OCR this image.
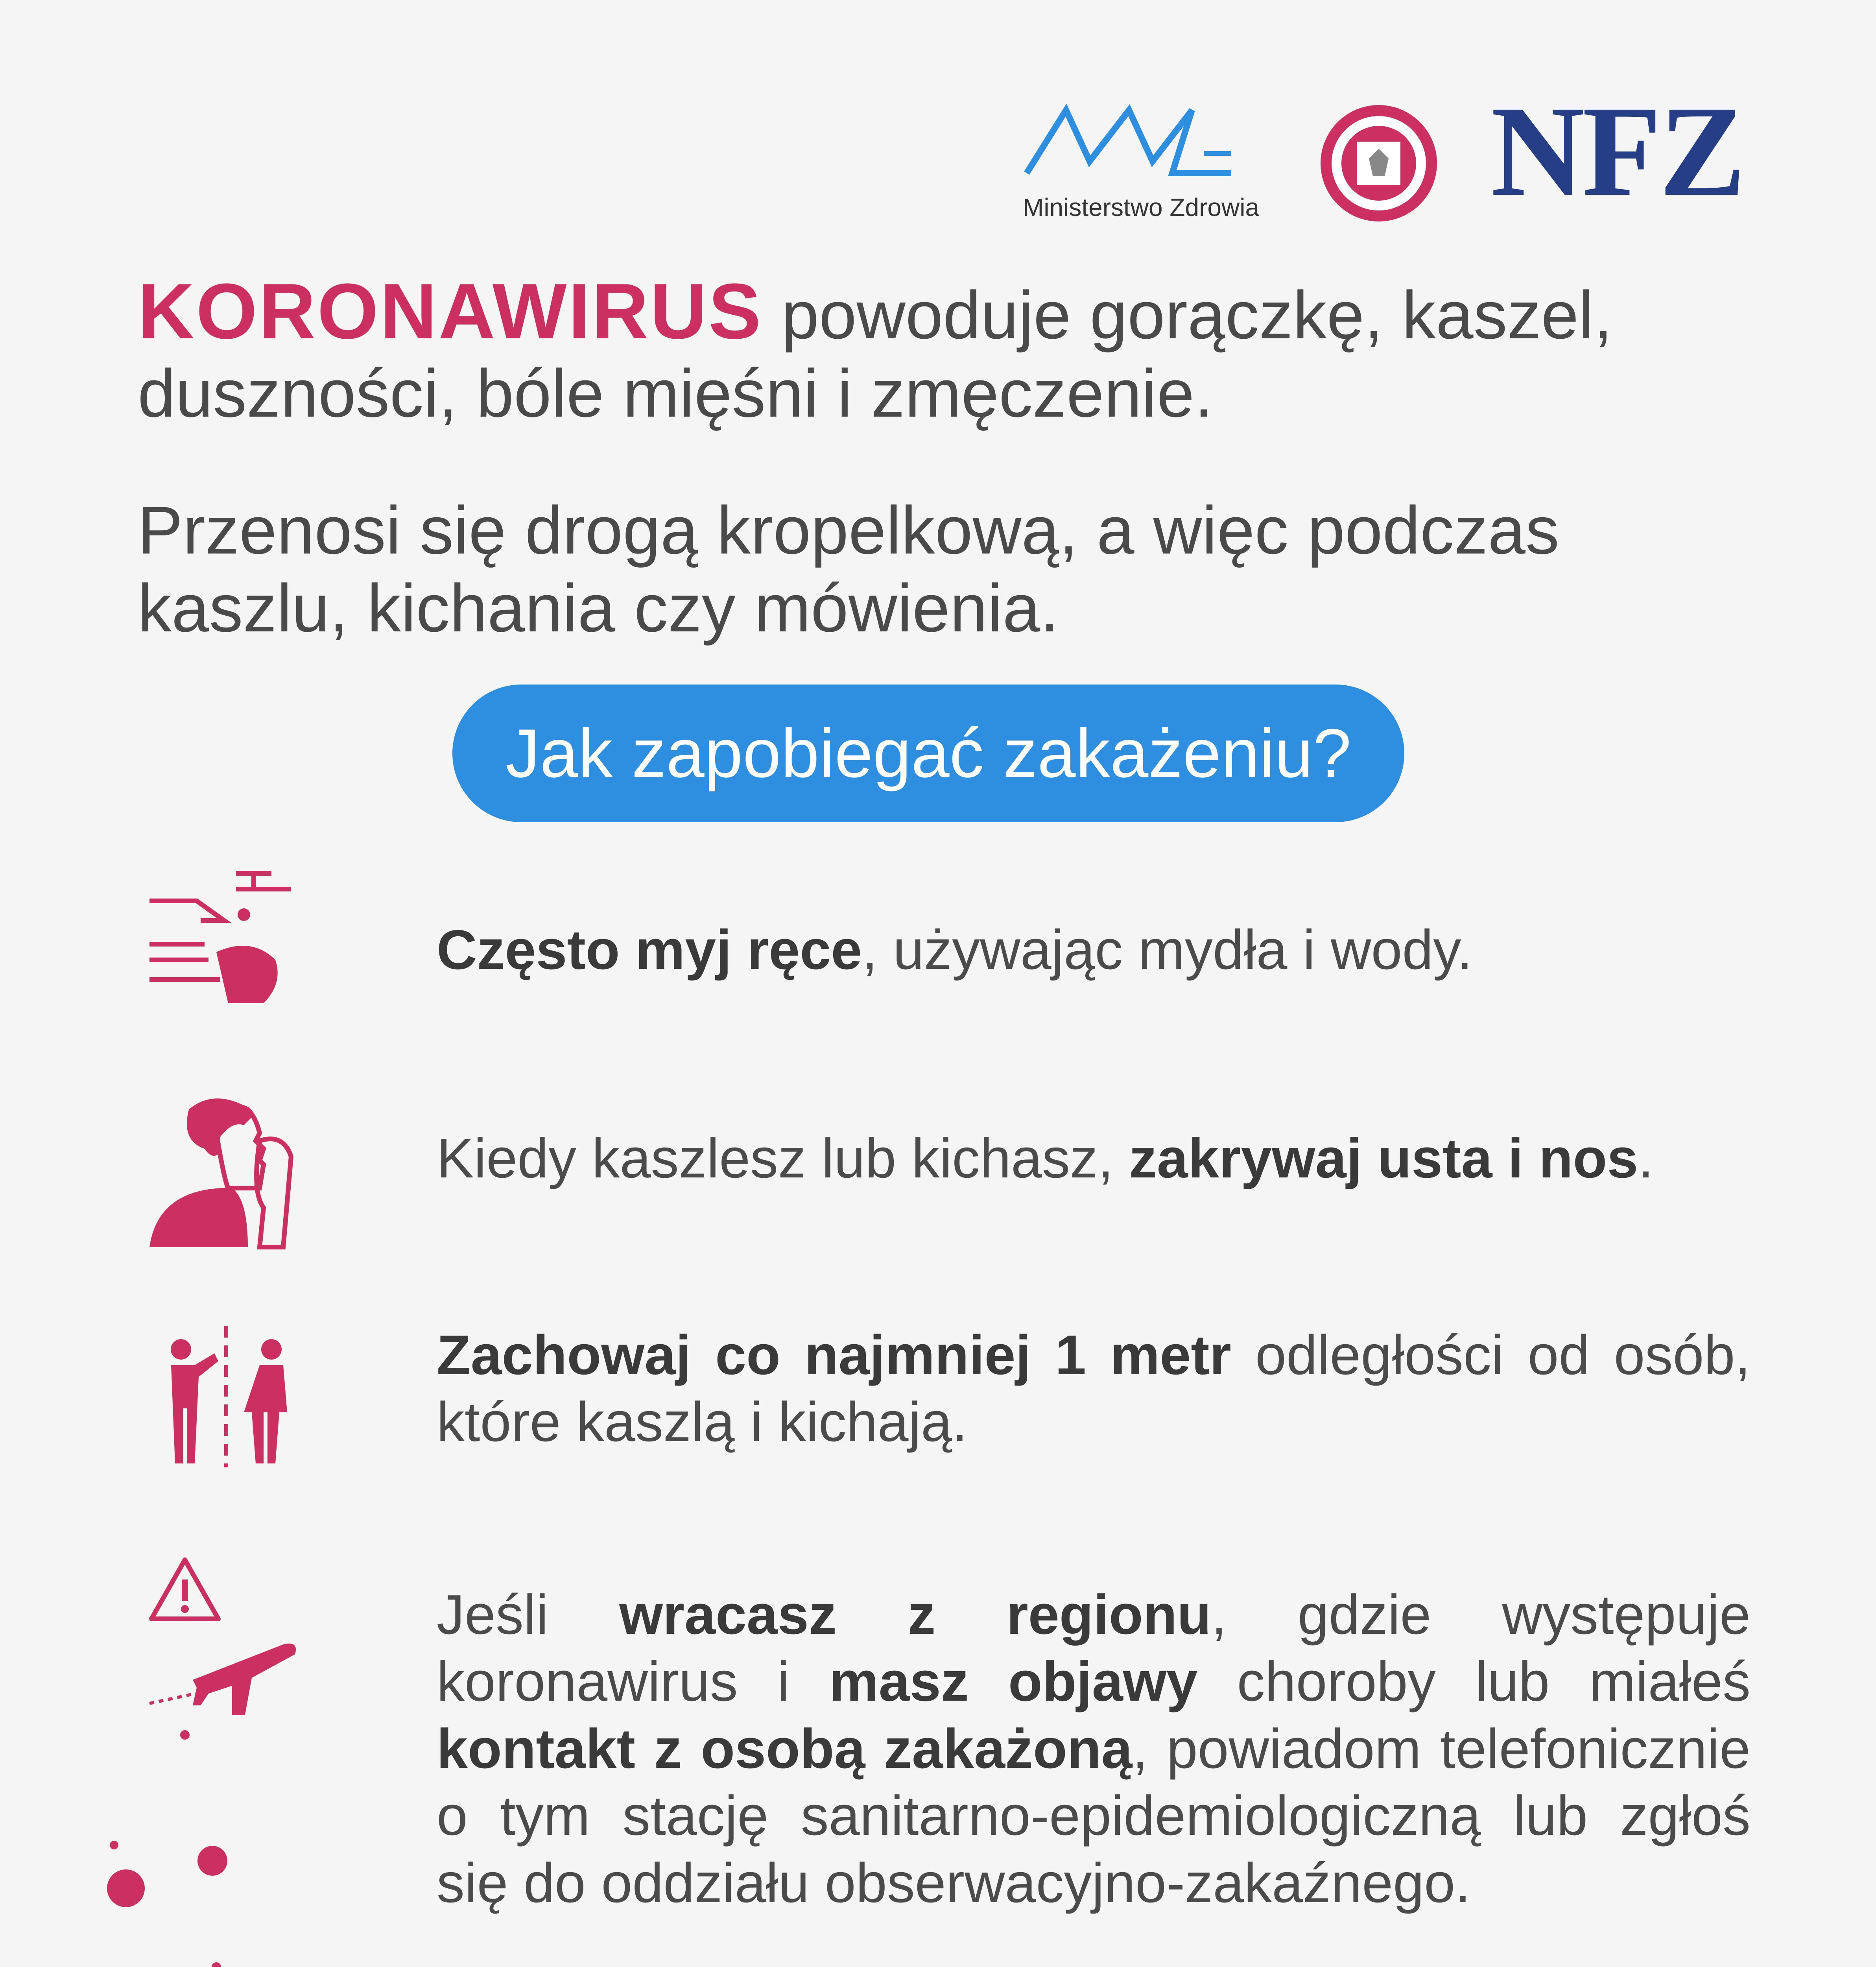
Ministerstwo Zdrowia NFZ
KORONAWIRUS powoduje gorączkę, kaszel, duszności, bóle mięśni i zmęczenie.
Przenosi się drogą kropelkową, a więc podczas kaszlu, kichania czy mówienia.
Jak zapobiegać zakażeniu?
Często myj ręce, używając mydła i wody.
Kiedy kaszlesz lub kichasz, zakrywaj usta i nos.
Zachowaj co najmniej 1 metr odległości od osób, które kaszlą i kichają.
Jeśli wracasz z regionu, gdzie występuje koronawirus i masz objawy choroby lub miałeś kontakt z osobą zakażoną, powiadom telefonicznie o tym stację sanitarno-epidemiologiczną lub zgłoś się do oddziału obserwacyjno-zakaźnego.
